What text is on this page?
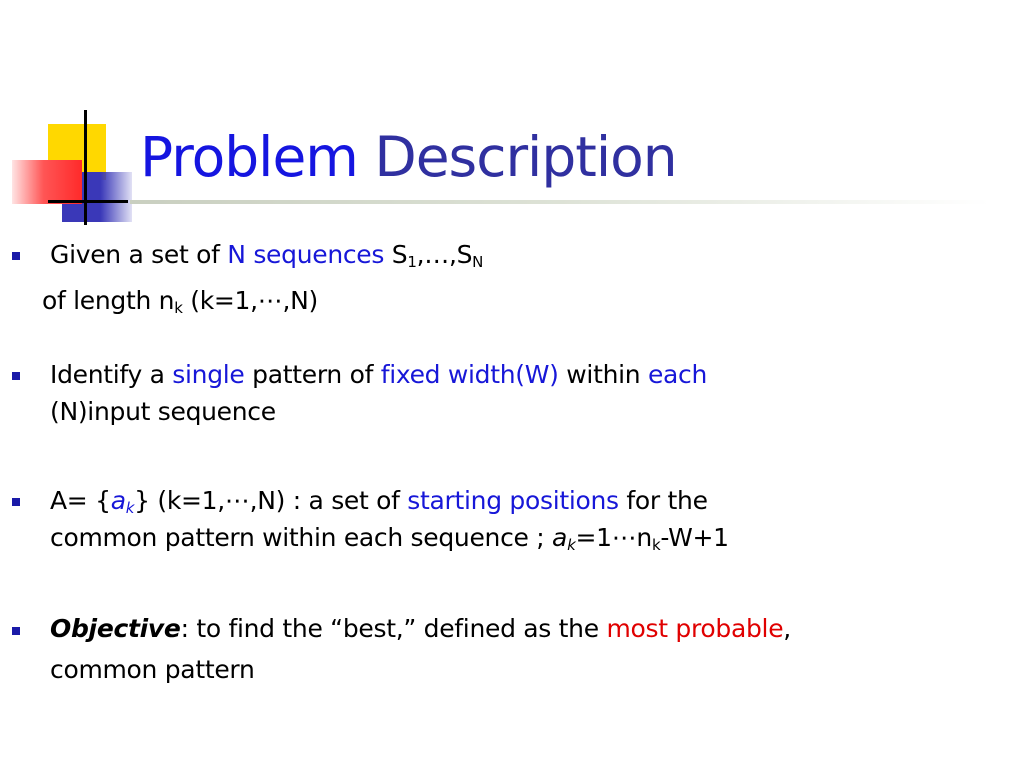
Problem Description
Given a set of N sequences $S_1,\dots,S_N$
of length $n_k$ (k=1,⋯,N)
Identify a single pattern of fixed width(W) within each
(N)input sequence
$A= \{a_k\}$ (k=1,⋯,N) : a set of starting positions for the
common pattern within each sequence ; $a_k=1\cdots n_k-W+1$
Objective: to find the “best,” defined as the most probable,
common pattern
